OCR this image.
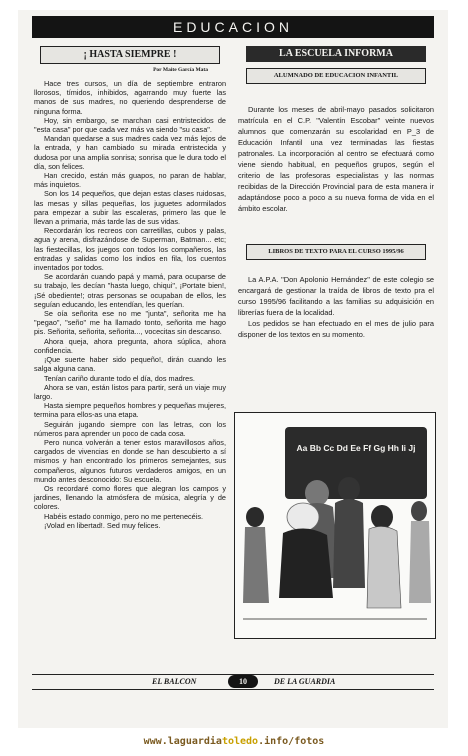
EDUCACION
¡ HASTA SIEMPRE !
Por Maite García Mata

Hace tres cursos, un día de septiembre entraron llorosos, tímidos, inhibidos, agarrando muy fuerte las manos de sus madres, no queriendo desprenderse de ninguna forma.

Hoy, sin embargo, se marchan casi entristecidos de "esta casa" por que cada vez más va siendo "su casa".

Mandan quedarse a sus madres cada vez más lejos de la entrada, y han cambiado su mirada entristecida y dudosa por una amplia sonrisa; sonrisa que le dura todo el día, son felices.

Han crecido, están más guapos, no paran de hablar, más inquietos.

Son los 14 pequeños, que dejan estas clases ruidosas, las mesas y sillas pequeñas, los juguetes adormilados para empezar a subir las escaleras, primero las que le llevan a primaria, más tarde las de sus vidas.

Recordarán los recreos con carretillas, cubos y palas, agua y arena, disfrazándose de Superman, Batman... etc; las fiestecillas, los juegos con todos los compañeros, las entradas y salidas como los indios en fila, los cuentos inventados por todos.

Se acordarán cuando papá y mamá, para ocuparse de su trabajo, les decían "hasta luego, chiqui", ¡Portate bien!, ¡Sé obediente!; otras personas se ocupaban de ellos, les seguían educando, les entendían, les querían.

Se oía señorita ese no me "junta", señorita me ha "pegao", "seño" me ha llamado tonto, señorita me hago pis. Señorita, señorita, señorita..., vocecitas sin descanso.

Ahora queja, ahora pregunta, ahora súplica, ahora confidencia.

¡Que suerte haber sido pequeño!, dirán cuando les salga alguna cana.

Tenían cariño durante todo el día, dos madres.

Ahora se van, están listos para partir, será un viaje muy largo.

Hasta siempre pequeños hombres y pequeñas mujeres, termina para ellos-as una etapa.

Seguirán jugando siempre con las letras, con los números para aprender un poco de cada cosa.

Pero nunca volverán a tener estos maravillosos años, cargados de vivencias en donde se han descubierto a sí mismos y han encontrado los primeros semejantes, sus compañeros, algunos futuros verdaderos amigos, en un mundo antes desconocido: Su escuela.

Os recordaré como flores que alegran los campos y jardines, llenando la atmósfera de música, alegría y de colores.

Habéis estado conmigo, pero no me pertenecéis.

¡Volad en libertad!. Sed muy felices.

LA ESCUELA INFORMA
ALUMNADO DE EDUCACION INFANTIL

Durante los meses de abril-mayo pasados solicitaron matrícula en el C.P. "Valentín Escobar" veinte nuevos alumnos que comenzarán su escolaridad en P_3 de Educación Infantil una vez terminadas las fiestas patronales. La incorporación al centro se efectuará como viene siendo habitual, en pequeños grupos, según el criterio de las profesoras especialistas y las normas recibidas de la Dirección Provincial para de esta manera ir adaptándose poco a poco a su nueva forma de vida en el ámbito escolar.

LIBROS DE TEXTO PARA EL CURSO 1995/96

La A.P.A. "Don Apolonio Hernández" de este colegio se encargará de gestionar la traída de libros de texto pra el curso 1995/96 facilitando a las familias su adquisición en librerías fuera de la localidad.

Los pedidos se han efectuado en el mes de julio para disponer de los textos en su momento.

Aa Bb Cc Dd Ee Ff Gg Hh Ii Jj
EL BALCON	10	DE LA GUARDIA
www.laguardiatoledo.info/fotos
